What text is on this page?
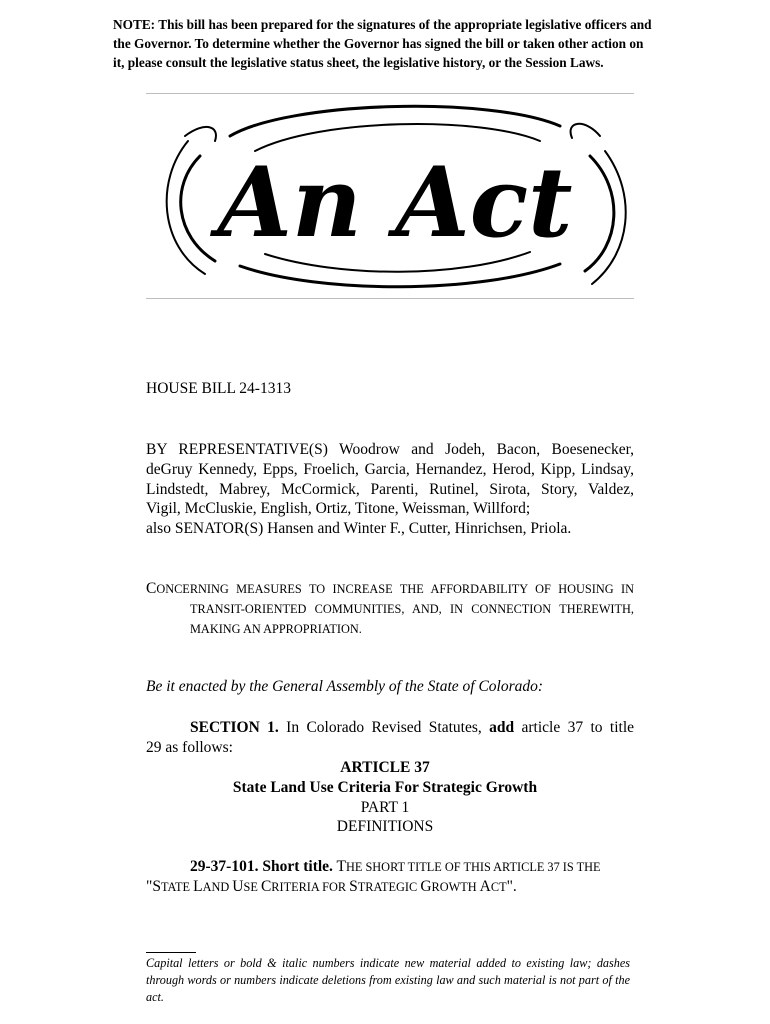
NOTE: This bill has been prepared for the signatures of the appropriate legislative officers and the Governor. To determine whether the Governor has signed the bill or taken other action on it, please consult the legislative status sheet, the legislative history, or the Session Laws.
An Act
HOUSE BILL 24-1313

BY REPRESENTATIVE(S) Woodrow and Jodeh, Bacon, Boesenecker,

deGruy Kennedy, Epps, Froelich, Garcia, Hernandez, Herod, Kipp, Lindsay,

Lindstedt, Mabrey, McCormick, Parenti, Rutinel, Sirota, Story, Valdez,

Vigil, McCluskie, English, Ortiz, Titone, Weissman, Willford;

also SENATOR(S) Hansen and Winter F., Cutter, Hinrichsen, Priola.

CONCERNING MEASURES TO INCREASE THE AFFORDABILITY OF HOUSING IN
TRANSIT-ORIENTED COMMUNITIES, AND, IN CONNECTION THEREWITH,
MAKING AN APPROPRIATION.
Be it enacted by the General Assembly of the State of Colorado:
SECTION 1. In Colorado Revised Statutes, add article 37 to title
29 as follows:
ARTICLE 37
State Land Use Criteria For Strategic Growth
PART 1
DEFINITIONS
29-37-101. Short title. THE SHORT TITLE OF THIS ARTICLE 37 IS THE
"STATE LAND USE CRITERIA FOR STRATEGIC GROWTH ACT".
Capital letters or bold & italic numbers indicate new material added to existing law; dashes through words or numbers indicate deletions from existing law and such material is not part of the act.
